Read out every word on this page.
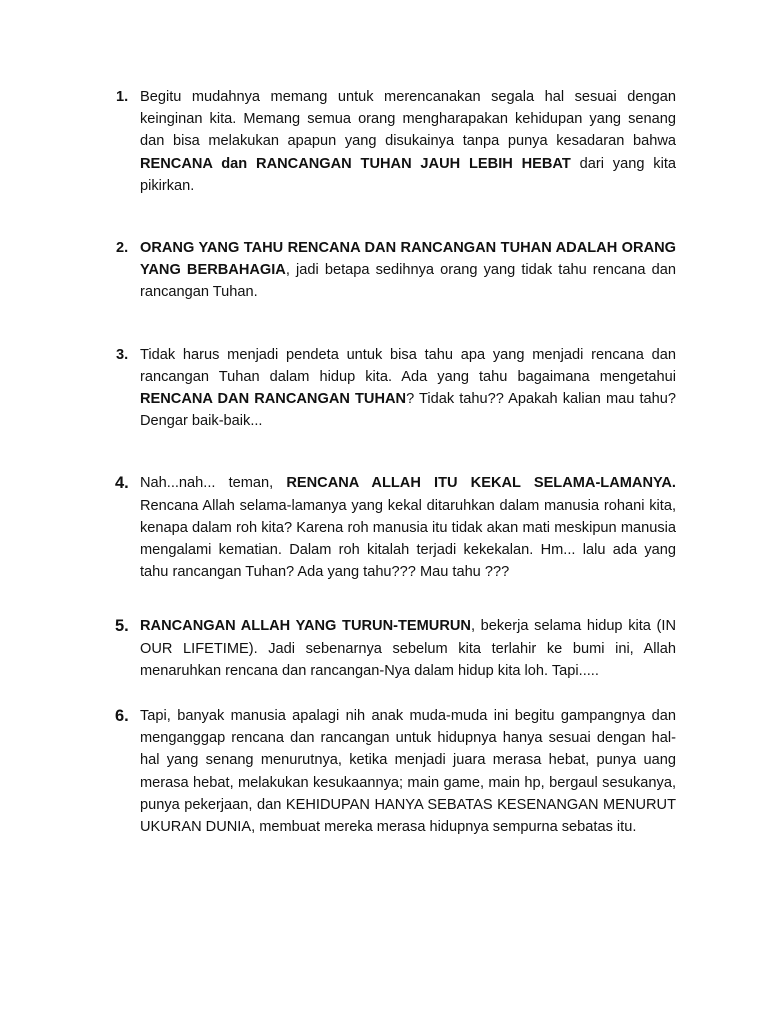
1. Begitu mudahnya memang untuk merencanakan segala hal sesuai dengan keinginan kita. Memang semua orang mengharapakan kehidupan yang senang dan bisa melakukan apapun yang disukainya tanpa punya kesadaran bahwa RENCANA dan RANCANGAN TUHAN JAUH LEBIH HEBAT dari yang kita pikirkan.

2. ORANG YANG TAHU RENCANA DAN RANCANGAN TUHAN ADALAH ORANG YANG BERBAHAGIA, jadi betapa sedihnya orang yang tidak tahu rencana dan rancangan Tuhan.

3. Tidak harus menjadi pendeta untuk bisa tahu apa yang menjadi rencana dan rancangan Tuhan dalam hidup kita. Ada yang tahu bagaimana mengetahui RENCANA DAN RANCANGAN TUHAN? Tidak tahu?? Apakah kalian mau tahu? Dengar baik-baik...

4. Nah...nah... teman, RENCANA ALLAH ITU KEKAL SELAMA-LAMANYA. Rencana Allah selama-lamanya yang kekal ditaruhkan dalam manusia rohani kita, kenapa dalam roh kita? Karena roh manusia itu tidak akan mati meskipun manusia mengalami kematian. Dalam roh kitalah terjadi kekekalan. Hm... lalu ada yang tahu rancangan Tuhan? Ada yang tahu??? Mau tahu ???

5. RANCANGAN ALLAH YANG TURUN-TEMURUN, bekerja selama hidup kita (IN OUR LIFETIME). Jadi sebenarnya sebelum kita terlahir ke bumi ini, Allah menaruhkan rencana dan rancangan-Nya dalam hidup kita loh. Tapi.....

6. Tapi, banyak manusia apalagi nih anak muda-muda ini begitu gampangnya dan menganggap rencana dan rancangan untuk hidupnya hanya sesuai dengan hal-hal yang senang menurutnya, ketika menjadi juara merasa hebat, punya uang merasa hebat, melakukan kesukaannya; main game, main hp, bergaul sesukanya, punya pekerjaan, dan KEHIDUPAN HANYA SEBATAS KESENANGAN MENURUT UKURAN DUNIA, membuat mereka merasa hidupnya sempurna sebatas itu.
